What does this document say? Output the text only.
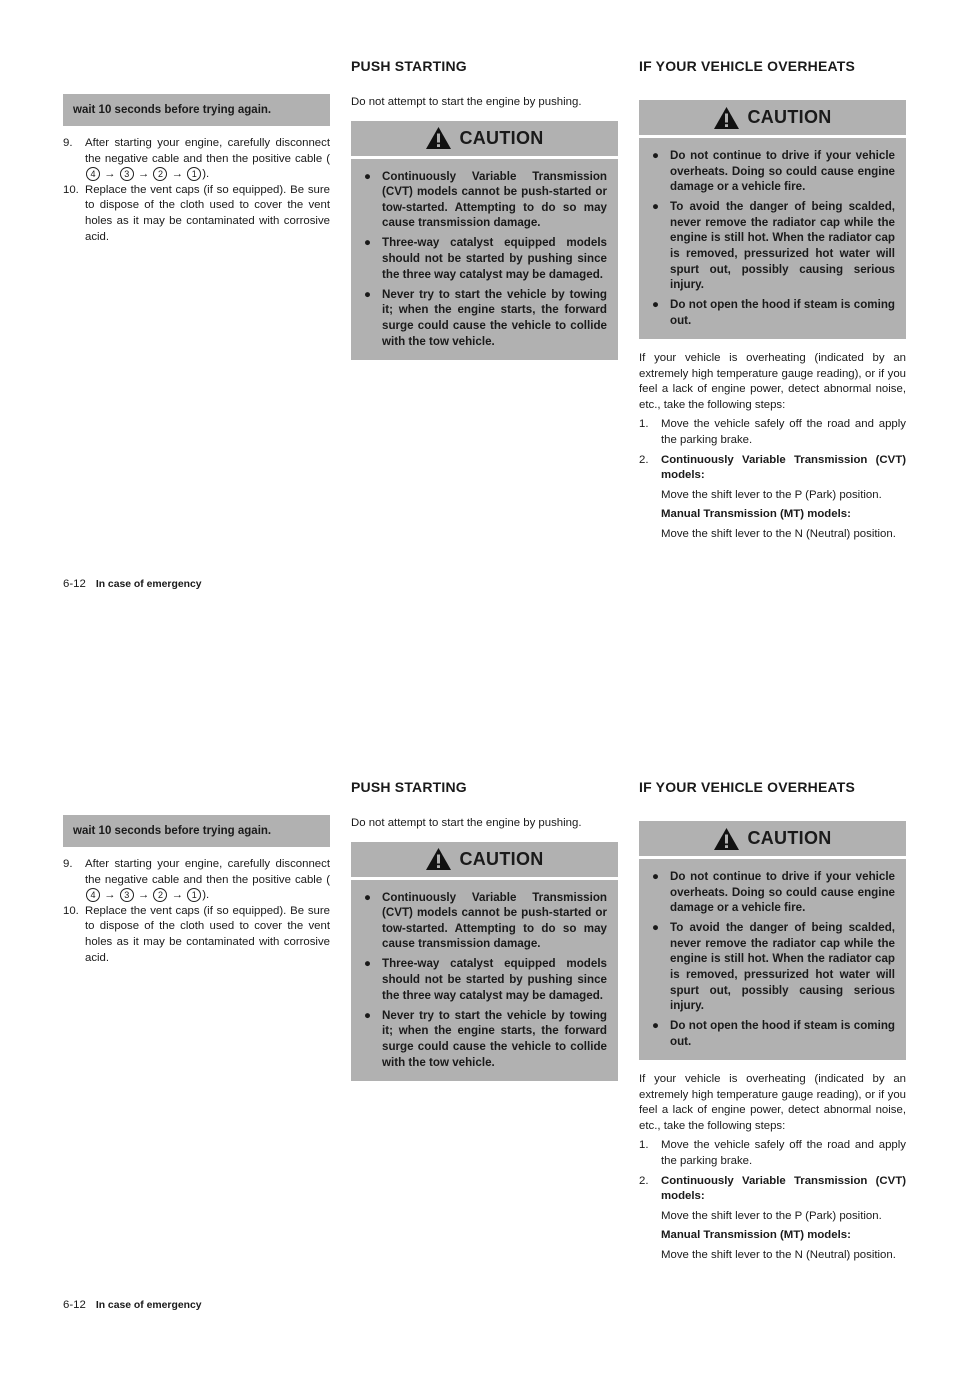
wait 10 seconds before trying again.
9. After starting your engine, carefully disconnect the negative cable and then the positive cable (4 → 3 → 2 → 1 ).
10. Replace the vent caps (if so equipped). Be sure to dispose of the cloth used to cover the vent holes as it may be contaminated with corrosive acid.
PUSH STARTING

Do not attempt to start the engine by pushing.

CAUTION
● Continuously Variable Transmission (CVT) models cannot be push-started or tow-started. Attempting to do so may cause transmission damage.
● Three-way catalyst equipped models should not be started by pushing since the three way catalyst may be damaged.
● Never try to start the vehicle by towing it; when the engine starts, the forward surge could cause the vehicle to collide with the tow vehicle.
IF YOUR VEHICLE OVERHEATS
CAUTION
● Do not continue to drive if your vehicle overheats. Doing so could cause engine damage or a vehicle fire.
● To avoid the danger of being scalded, never remove the radiator cap while the engine is still hot. When the radiator cap is removed, pressurized hot water will spurt out, possibly causing serious injury.
● Do not open the hood if steam is coming out.

If your vehicle is overheating (indicated by an extremely high temperature gauge reading), or if you feel a lack of engine power, detect abnormal noise, etc., take the following steps:

1. Move the vehicle safely off the road and apply the parking brake.
2. Continuously Variable Transmission (CVT) models:
Move the shift lever to the P (Park) position.
Manual Transmission (MT) models:
Move the shift lever to the N (Neutral) position.
6-12 In case of emergency
wait 10 seconds before trying again.
9. After starting your engine, carefully disconnect the negative cable and then the positive cable (4 → 3 → 2 → 1 ).
10. Replace the vent caps (if so equipped). Be sure to dispose of the cloth used to cover the vent holes as it may be contaminated with corrosive acid.
PUSH STARTING

Do not attempt to start the engine by pushing.

CAUTION
● Continuously Variable Transmission (CVT) models cannot be push-started or tow-started. Attempting to do so may cause transmission damage.
● Three-way catalyst equipped models should not be started by pushing since the three way catalyst may be damaged.
● Never try to start the vehicle by towing it; when the engine starts, the forward surge could cause the vehicle to collide with the tow vehicle.
IF YOUR VEHICLE OVERHEATS
CAUTION
● Do not continue to drive if your vehicle overheats. Doing so could cause engine damage or a vehicle fire.
● To avoid the danger of being scalded, never remove the radiator cap while the engine is still hot. When the radiator cap is removed, pressurized hot water will spurt out, possibly causing serious injury.
● Do not open the hood if steam is coming out.

If your vehicle is overheating (indicated by an extremely high temperature gauge reading), or if you feel a lack of engine power, detect abnormal noise, etc., take the following steps:

1. Move the vehicle safely off the road and apply the parking brake.
2. Continuously Variable Transmission (CVT) models:
Move the shift lever to the P (Park) position.
Manual Transmission (MT) models:
Move the shift lever to the N (Neutral) position.
6-12 In case of emergency
